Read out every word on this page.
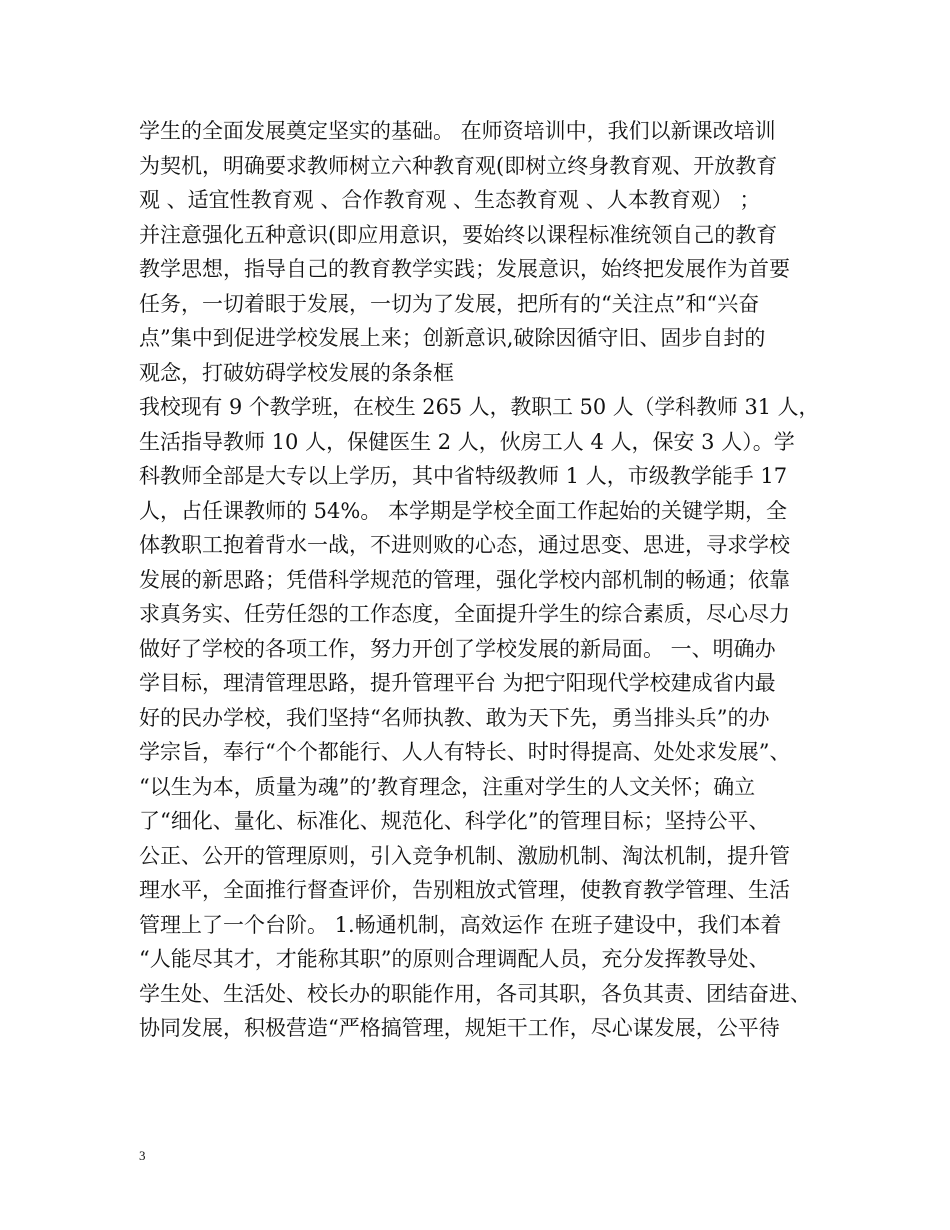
学生的全面发展奠定坚实的基础。 在师资培训中，我们以新课改培训
为契机，明确要求教师树立六种教育观(即树立终身教育观、开放教育
观 、适宜性教育观 、合作教育观 、生态教育观 、人本教育观） ；
并注意强化五种意识(即应用意识，要始终以课程标准统领自己的教育
教学思想，指导自己的教育教学实践；发展意识，始终把发展作为首要
任务，一切着眼于发展，一切为了发展，把所有的“关注点”和“兴奋
点”集中到促进学校发展上来；创新意识,破除因循守旧、固步自封的
观念，打破妨碍学校发展的条条框
我校现有 9 个教学班，在校生 265 人，教职工 50 人（学科教师 31 人，
生活指导教师 10 人，保健医生 2 人，伙房工人 4 人，保安 3 人）。学
科教师全部是大专以上学历，其中省特级教师 1 人，市级教学能手 17
人，占任课教师的 54%。 本学期是学校全面工作起始的关键学期，全
体教职工抱着背水一战，不进则败的心态，通过思变、思进，寻求学校
发展的新思路；凭借科学规范的管理，强化学校内部机制的畅通；依靠
求真务实、任劳任怨的工作态度，全面提升学生的综合素质，尽心尽力
做好了学校的各项工作，努力开创了学校发展的新局面。 一、明确办
学目标，理清管理思路，提升管理平台 为把宁阳现代学校建成省内最
好的民办学校，我们坚持“名师执教、敢为天下先，勇当排头兵”的办
学宗旨，奉行“个个都能行、人人有特长、时时得提高、处处求发展”、
“以生为本，质量为魂”的’教育理念，注重对学生的人文关怀；确立
了“细化、量化、标准化、规范化、科学化”的管理目标；坚持公平、
公正、公开的管理原则，引入竞争机制、激励机制、淘汰机制，提升管
理水平，全面推行督查评价，告别粗放式管理，使教育教学管理、生活
管理上了一个台阶。 1.畅通机制，高效运作 在班子建设中，我们本着
“人能尽其才，才能称其职”的原则合理调配人员，充分发挥教导处、
学生处、生活处、校长办的职能作用，各司其职，各负其责、团结奋进、
协同发展，积极营造“严格搞管理，规矩干工作，尽心谋发展，公平待
3
